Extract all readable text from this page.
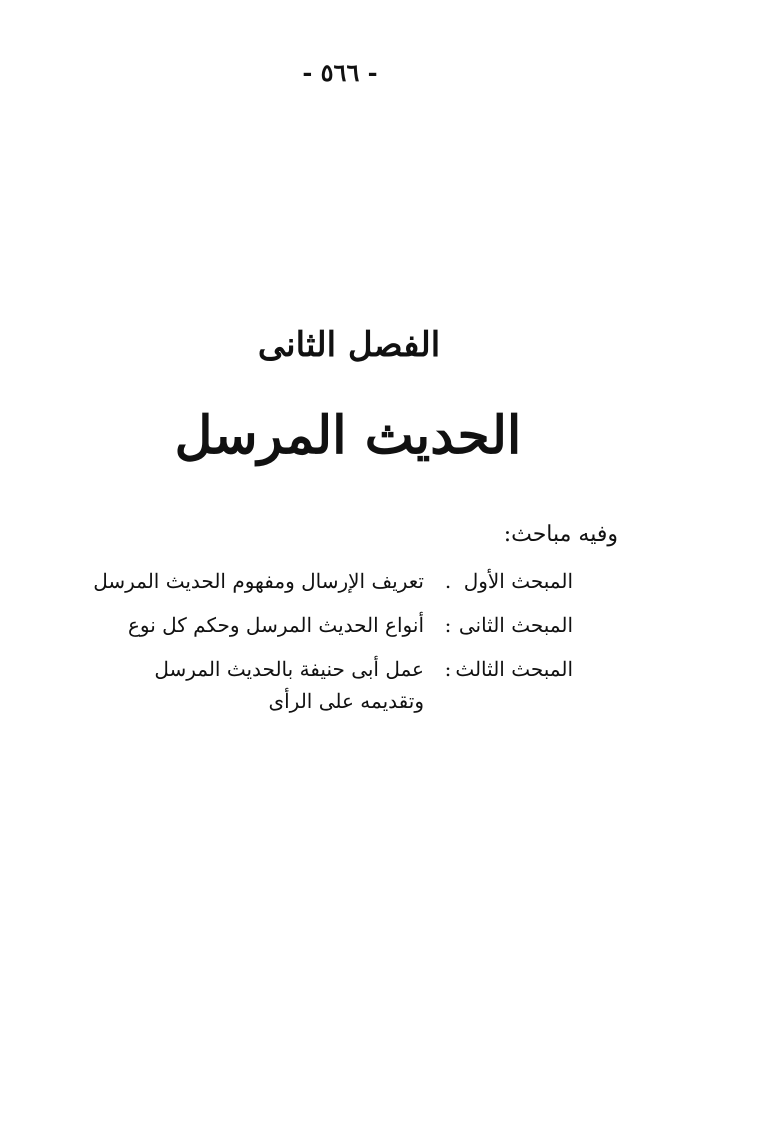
- ٥٦٦ -
الفصل الثانى
الحديث المرسل
وفيه مباحث:
المبحث الأول
.
تعريف الإرسال ومفهوم الحديث المرسل
المبحث الثانى
:
أنواع الحديث المرسل وحكم كل نوع
المبحث الثالث
:
عمل أبى حنيفة بالحديث المرسل وتقديمه على الرأى
